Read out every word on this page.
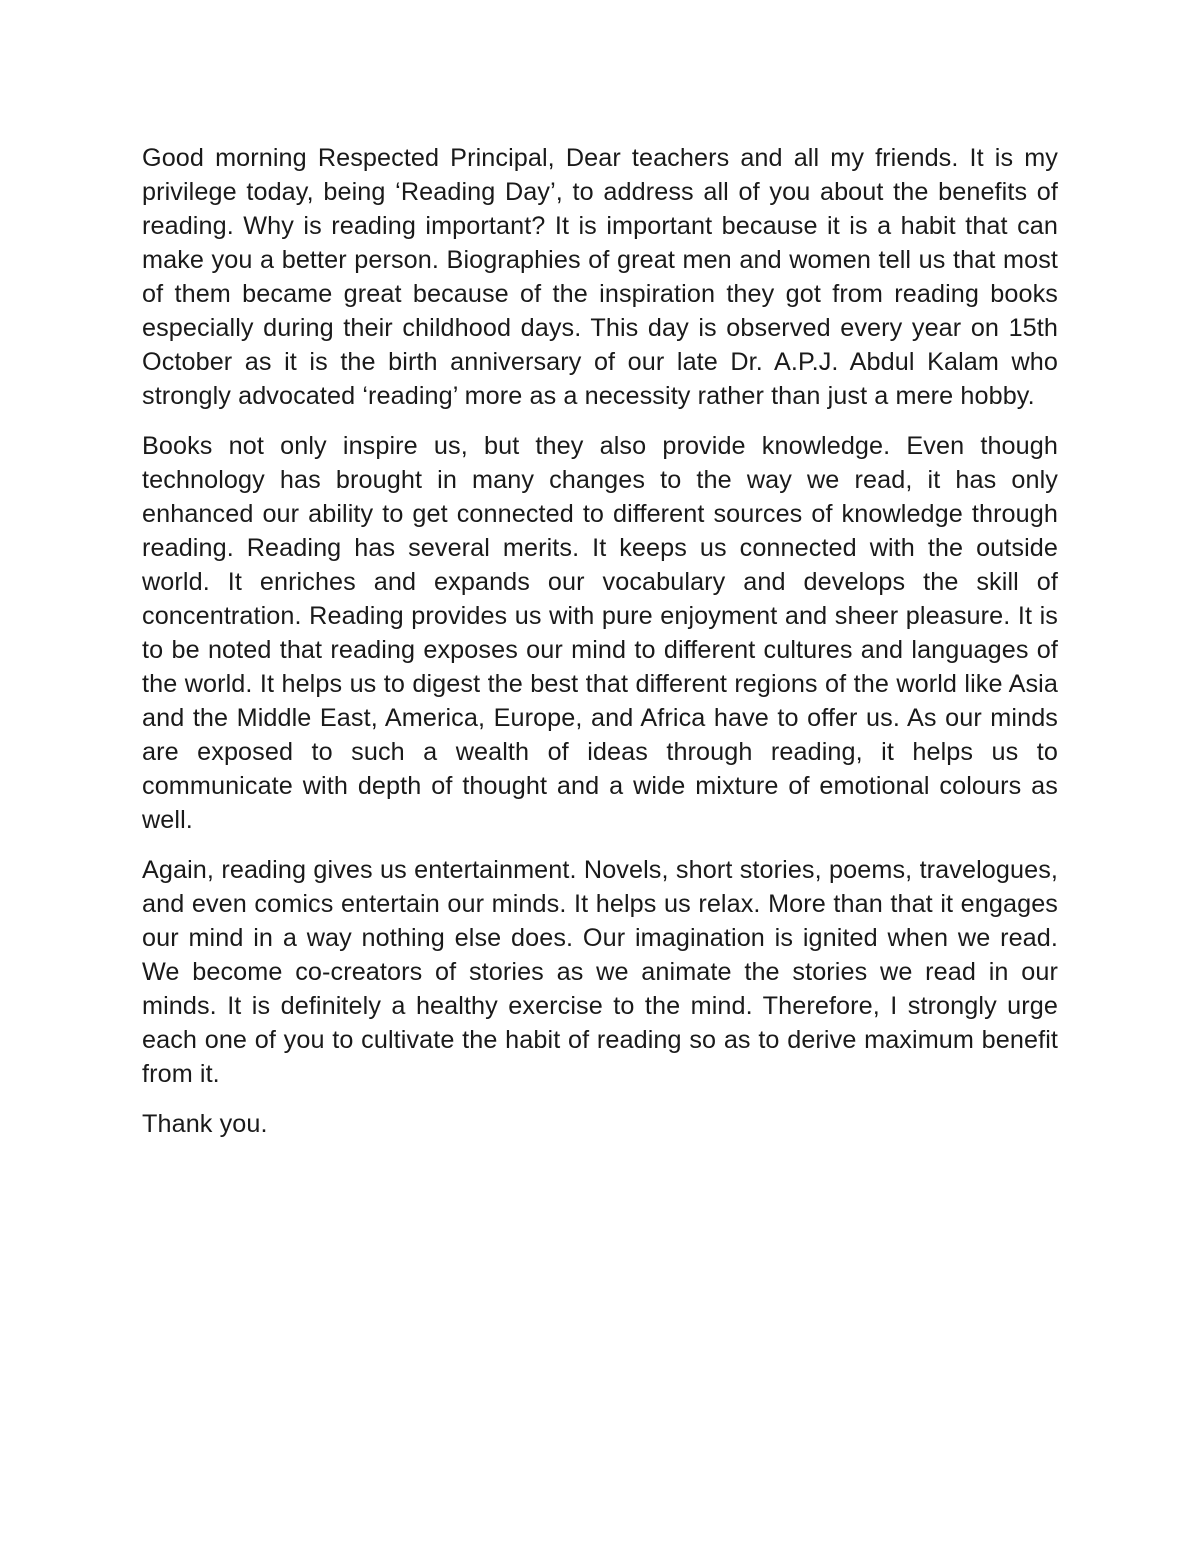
Good morning Respected Principal, Dear teachers and all my friends. It is my privilege today, being ‘Reading Day’, to address all of you about the benefits of reading. Why is reading important? It is important because it is a habit that can make you a better person. Biographies of great men and women tell us that most of them became great because of the inspiration they got from reading books especially during their childhood days. This day is observed every year on 15th October as it is the birth anniversary of our late Dr. A.P.J. Abdul Kalam who strongly advocated ‘reading’ more as a necessity rather than just a mere hobby.

Books not only inspire us, but they also provide knowledge. Even though technology has brought in many changes to the way we read, it has only enhanced our ability to get connected to different sources of knowledge through reading. Reading has several merits. It keeps us connected with the outside world. It enriches and expands our vocabulary and develops the skill of concentration. Reading provides us with pure enjoyment and sheer pleasure. It is to be noted that reading exposes our mind to different cultures and languages of the world. It helps us to digest the best that different regions of the world like Asia and the Middle East, America, Europe, and Africa have to offer us. As our minds are exposed to such a wealth of ideas through reading, it helps us to communicate with depth of thought and a wide mixture of emotional colours as well.

Again, reading gives us entertainment. Novels, short stories, poems, travelogues, and even comics entertain our minds. It helps us relax. More than that it engages our mind in a way nothing else does. Our imagination is ignited when we read. We become co-creators of stories as we animate the stories we read in our minds. It is definitely a healthy exercise to the mind. Therefore, I strongly urge each one of you to cultivate the habit of reading so as to derive maximum benefit from it.

Thank you.
